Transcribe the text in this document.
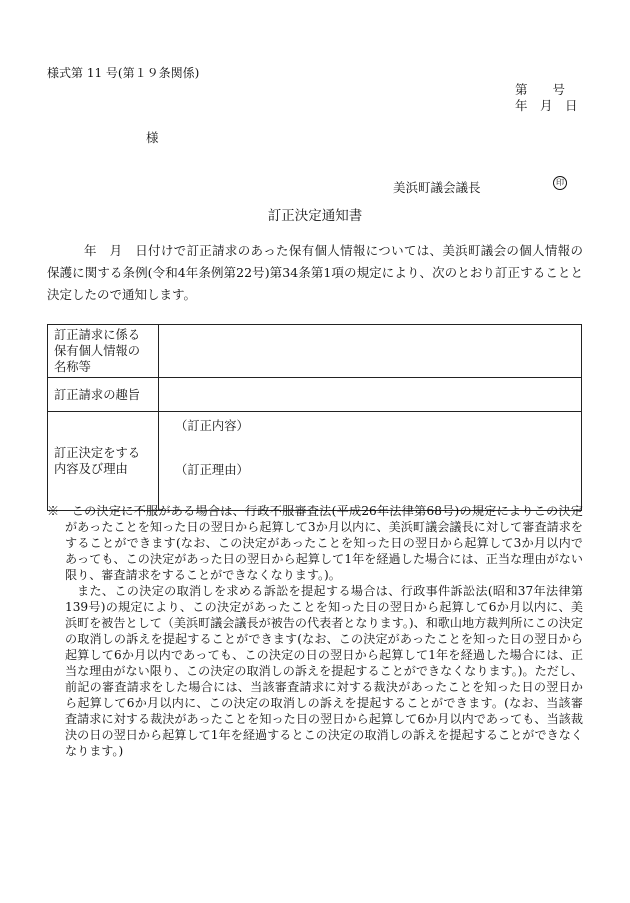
様式第 11 号(第１９条関係)
第　　号
年　月　日
様
美浜町議会議長	印
訂正決定通知書
年　月　日付けで訂正請求のあった保有個人情報については、美浜町議会の個人情報の保護に関する条例(令和4年条例第22号)第34条第1項の規定により、次のとおり訂正することと決定したので通知します。
訂正請求に係る保有個人情報の名称等	
訂正請求の趣旨	
訂正決定をする内容及び理由	（訂正内容）
（訂正理由）

※　この決定に不服がある場合は、行政不服審査法(平成26年法律第68号)の規定によりこの決定があったことを知った日の翌日から起算して3か月以内に、美浜町議会議長に対して審査請求をすることができます(なお、この決定があったことを知った日の翌日から起算して3か月以内であっても、この決定があった日の翌日から起算して1年を経過した場合には、正当な理由がない限り、審査請求をすることができなくなります。)。

また、この決定の取消しを求める訴訟を提起する場合は、行政事件訴訟法(昭和37年法律第139号)の規定により、この決定があったことを知った日の翌日から起算して6か月以内に、美浜町を被告として（美浜町議会議長が被告の代表者となります。)、和歌山地方裁判所にこの決定の取消しの訴えを提起することができます(なお、この決定があったことを知った日の翌日から起算して6か月以内であっても、この決定の日の翌日から起算して1年を経過した場合には、正当な理由がない限り、この決定の取消しの訴えを提起することができなくなります。)。ただし、前記の審査請求をした場合には、当該審査請求に対する裁決があったことを知った日の翌日から起算して6か月以内に、この決定の取消しの訴えを提起することができます。(なお、当該審査請求に対する裁決があったことを知った日の翌日から起算して6か月以内であっても、当該裁決の日の翌日から起算して1年を経過するとこの決定の取消しの訴えを提起することができなくなります。)
